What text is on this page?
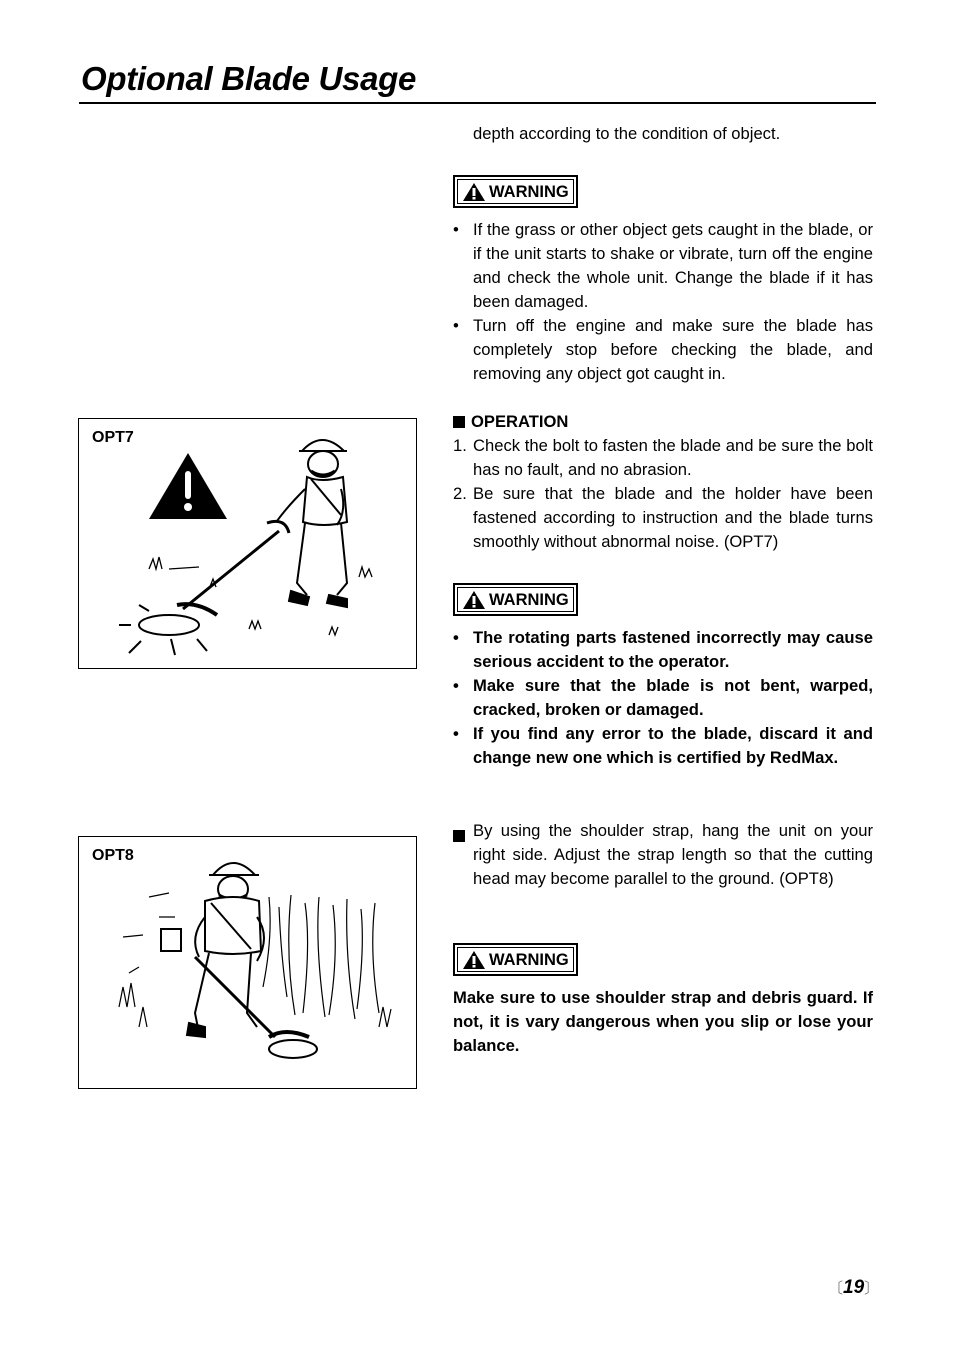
Optional Blade Usage
OPT7
OPT8

depth according to the condition of object.

WARNING
• If the grass or other object gets caught in the blade, or if the unit starts to shake or vibrate, turn off the engine and check the whole unit. Change the blade if it has been damaged.
• Turn off the engine and make sure the blade has completely stop before checking the blade, and removing any object got caught in.
OPERATION
1. Check the bolt to fasten the blade and be sure the bolt has no fault, and no abrasion.
2. Be sure that the blade and the holder have been fastened according to instruction and the blade turns smoothly without abnormal noise. (OPT7)
WARNING
• The rotating parts fastened incorrectly may cause serious accident to the operator.
• Make sure that the blade is not bent, warped, cracked, broken or damaged.
• If you find any error to the blade, discard it and change new one which is certified by RedMax.
By using the shoulder strap, hang the unit on your right side. Adjust the strap length so that the cutting head may become parallel to the ground. (OPT8)
WARNING

Make sure to use shoulder strap and debris guard. If not, it is vary dangerous when you slip or lose your balance.

〔19〕
